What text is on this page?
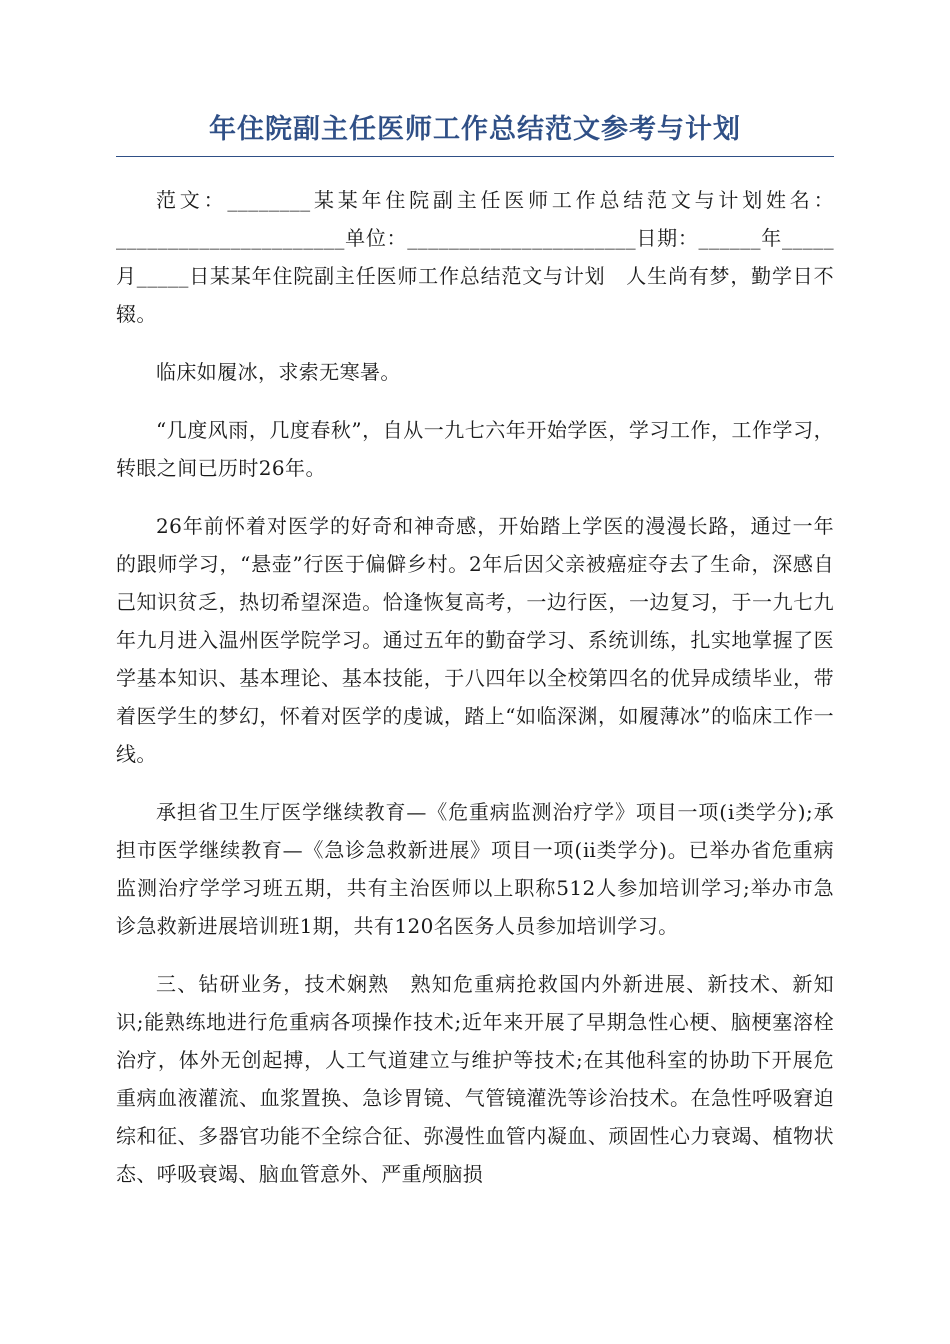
年住院副主任医师工作总结范文参考与计划

范文：________某某年住院副主任医师工作总结范文与计划姓名：______________________单位：______________________日期：______年_____月_____日某某年住院副主任医师工作总结范文与计划　人生尚有梦，勤学日不辍。

临床如履冰，求索无寒暑。

“几度风雨，几度春秋”，自从一九七六年开始学医，学习工作，工作学习，转眼之间已历时26年。

26年前怀着对医学的好奇和神奇感，开始踏上学医的漫漫长路，通过一年的跟师学习，“悬壶”行医于偏僻乡村。2年后因父亲被癌症夺去了生命，深感自己知识贫乏，热切希望深造。恰逢恢复高考，一边行医，一边复习，于一九七九年九月进入温州医学院学习。通过五年的勤奋学习、系统训练，扎实地掌握了医学基本知识、基本理论、基本技能，于八四年以全校第四名的优异成绩毕业，带着医学生的梦幻，怀着对医学的虔诚，踏上“如临深渊，如履薄冰”的临床工作一线。

承担省卫生厅医学继续教育—《危重病监测治疗学》项目一项(ⅰ类学分);承担市医学继续教育—《急诊急救新进展》项目一项(ⅱ类学分)。已举办省危重病监测治疗学学习班五期，共有主治医师以上职称512人参加培训学习;举办市急诊急救新进展培训班1期，共有120名医务人员参加培训学习。

三、钻研业务，技术娴熟　熟知危重病抢救国内外新进展、新技术、新知识;能熟练地进行危重病各项操作技术;近年来开展了早期急性心梗、脑梗塞溶栓治疗，体外无创起搏，人工气道建立与维护等技术;在其他科室的协助下开展危重病血液灌流、血浆置换、急诊胃镜、气管镜灌洗等诊治技术。在急性呼吸窘迫综和征、多器官功能不全综合征、弥漫性血管内凝血、顽固性心力衰竭、植物状态、呼吸衰竭、脑血管意外、严重颅脑损
